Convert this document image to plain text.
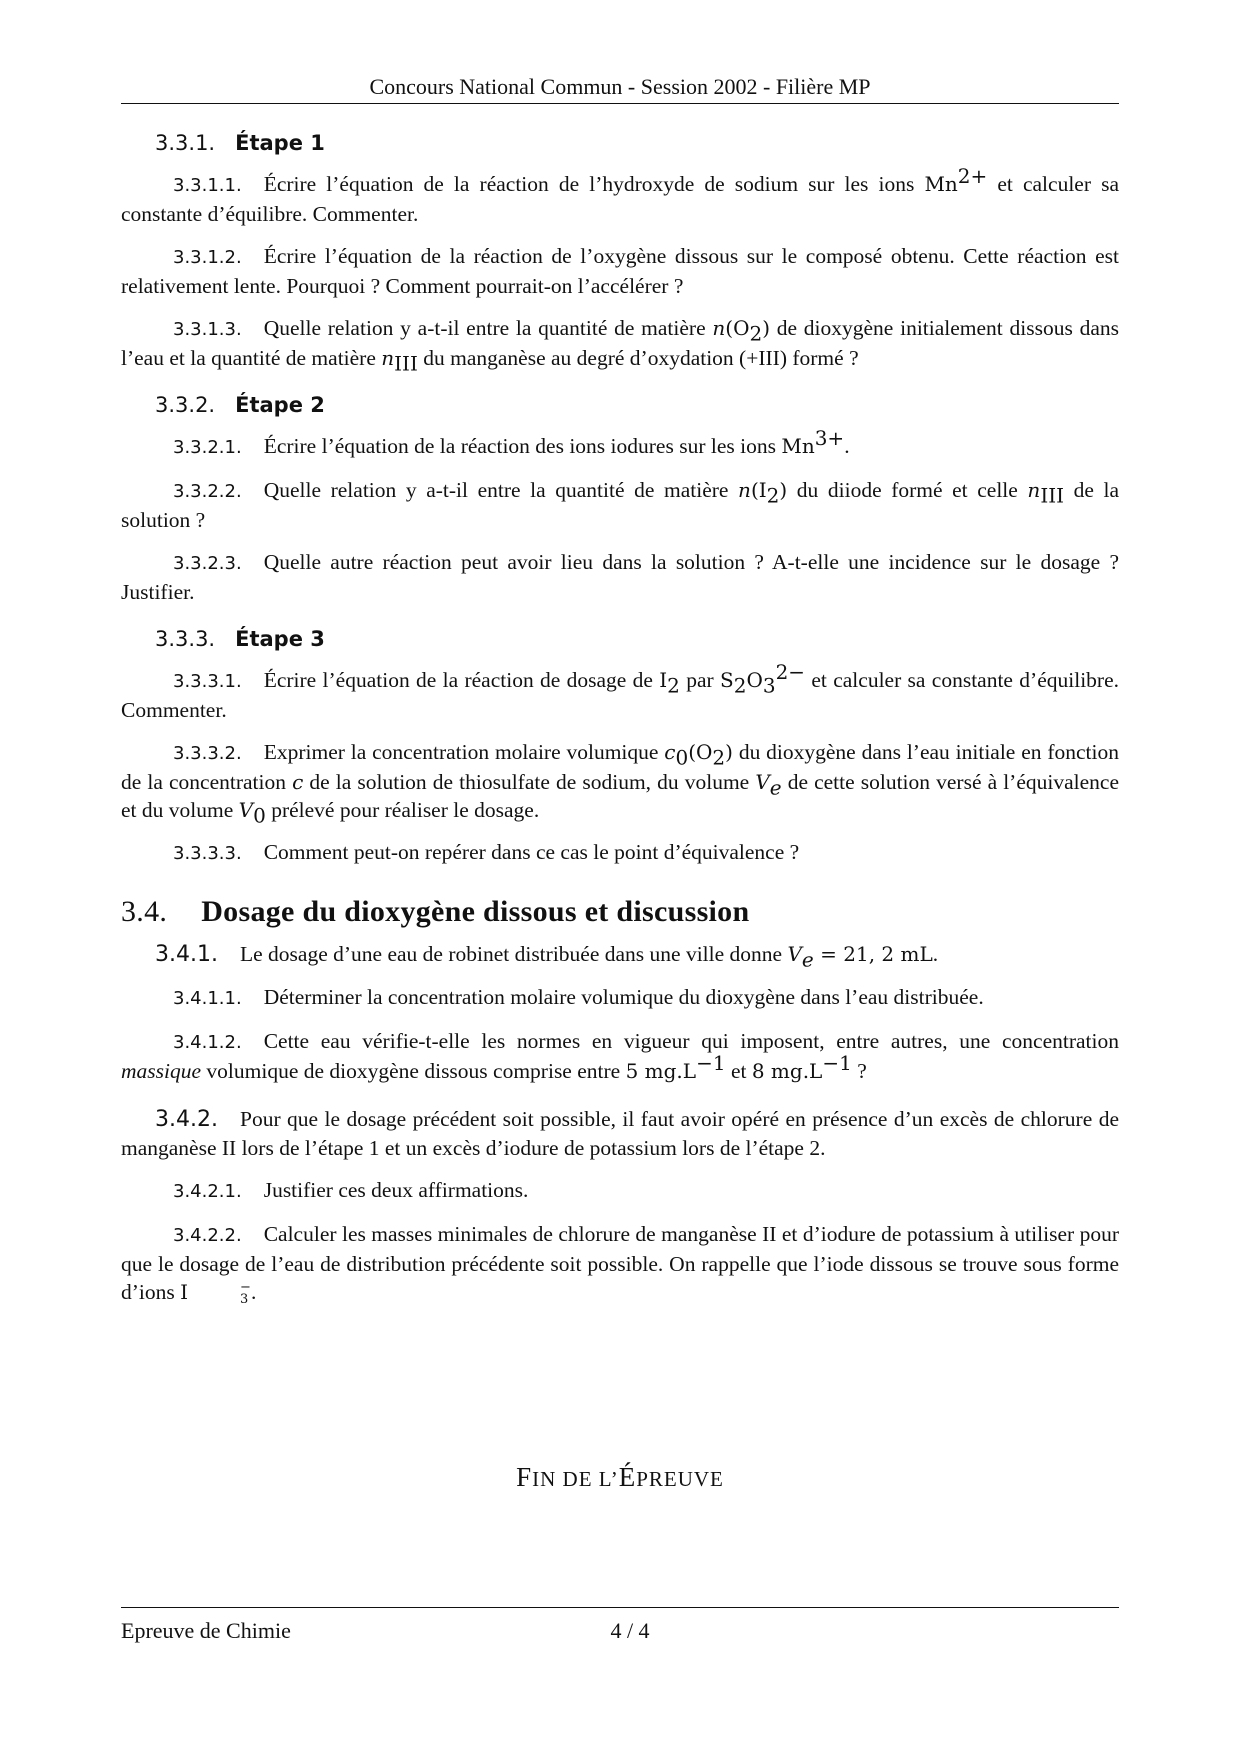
Concours National Commun - Session 2002 - Filière MP
3.3.1. Étape 1

3.3.1.1. Écrire l’équation de la réaction de l’hydroxyde de sodium sur les ions $Mn^{2+}$ et calculer sa constante d’équilibre. Commenter.

3.3.1.2. Écrire l’équation de la réaction de l’oxygène dissous sur le composé obtenu. Cette réaction est relativement lente. Pourquoi ? Comment pourrait-on l’accélérer ?

3.3.1.3. Quelle relation y a-t-il entre la quantité de matière $n(O_2)$ de dioxygène initialement dissous dans l’eau et la quantité de matière $n_{III}$ du manganèse au degré d’oxydation (+III) formé ?

3.3.2. Étape 2

3.3.2.1. Écrire l’équation de la réaction des ions iodures sur les ions $Mn^{3+}$.

3.3.2.2. Quelle relation y a-t-il entre la quantité de matière $n(I_2)$ du diiode formé et celle $n_{III}$ de la solution ?

3.3.2.3. Quelle autre réaction peut avoir lieu dans la solution ? A-t-elle une incidence sur le dosage ? Justifier.

3.3.3. Étape 3

3.3.3.1. Écrire l’équation de la réaction de dosage de $I_2$ par $S_2O_3^{2-}$ et calculer sa constante d’équilibre. Commenter.

3.3.3.2. Exprimer la concentration molaire volumique $c_0(O_2)$ du dioxygène dans l’eau initiale en fonction de la concentration c de la solution de thiosulfate de sodium, du volume $V_e$ de cette solution versé à l’équivalence et du volume $V_0$ prélevé pour réaliser le dosage.

3.3.3.3. Comment peut-on repérer dans ce cas le point d’équivalence ?

3.4. Dosage du dioxygène dissous et discussion

3.4.1. Le dosage d’une eau de robinet distribuée dans une ville donne $V_e = 21$, 2 mL.

3.4.1.1. Déterminer la concentration molaire volumique du dioxygène dans l’eau distribuée.

3.4.1.2. Cette eau vérifie-t-elle les normes en vigueur qui imposent, entre autres, une concentration massique volumique de dioxygène dissous comprise entre 5 $mg.L^{-1}$ et 8 $mg.L^{-1}$ ?

3.4.2. Pour que le dosage précédent soit possible, il faut avoir opéré en présence d’un excès de chlorure de manganèse II lors de l’étape 1 et un excès d’iodure de potassium lors de l’étape 2.

3.4.2.1. Justifier ces deux affirmations.

3.4.2.2. Calculer les masses minimales de chlorure de manganèse II et d’iodure de potassium à utiliser pour que le dosage de l’eau de distribution précédente soit possible. On rappelle que l’iode dissous se trouve sous forme d’ions I	−
3 .

FIN DE L’ÉPREUVE
Epreuve de Chimie	4 / 4
